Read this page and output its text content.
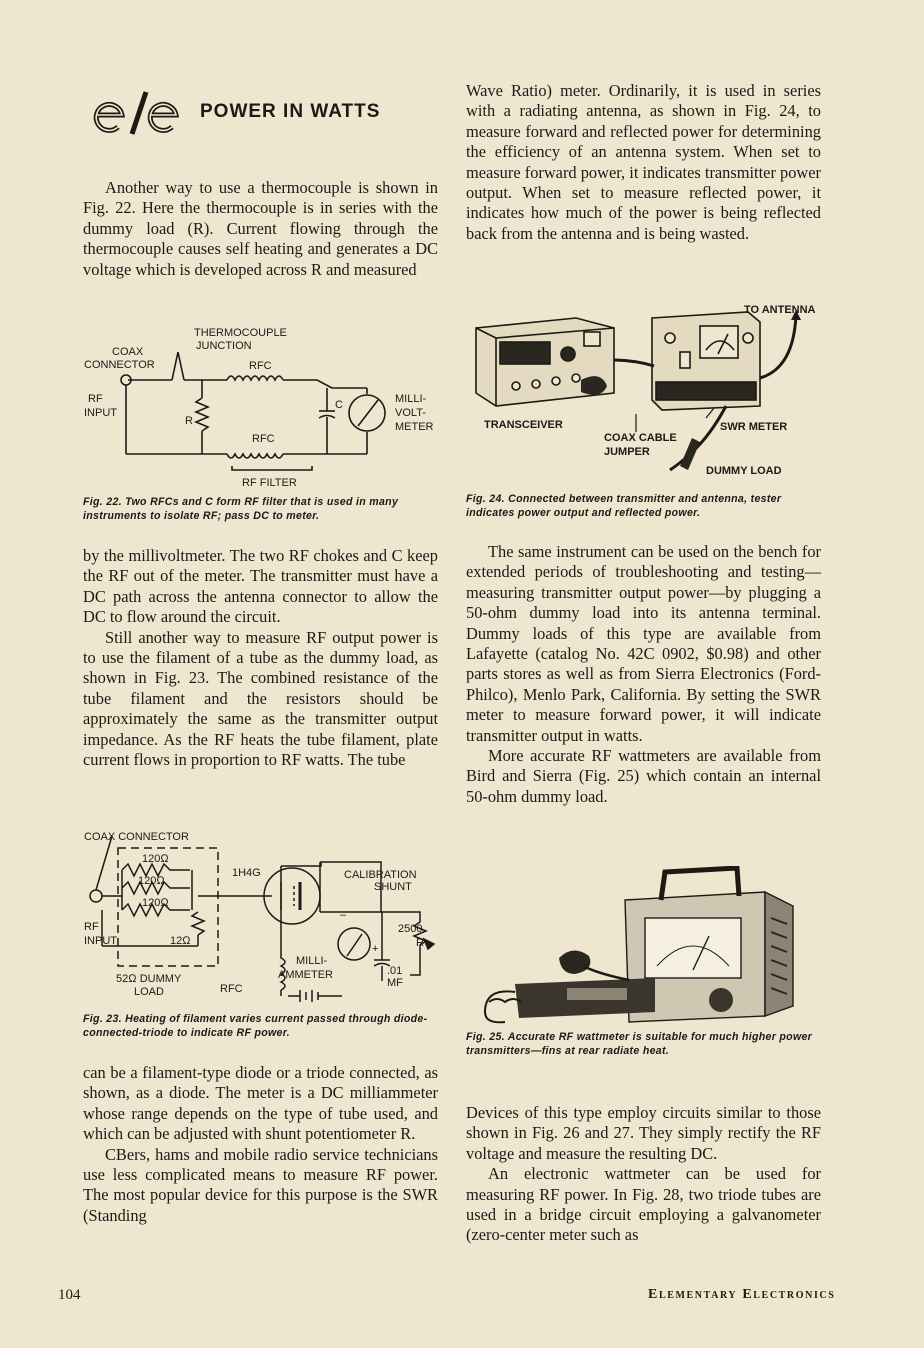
POWER IN WATTS

Another way to use a thermocouple is shown in Fig. 22. Here the thermocouple is in series with the dummy load (R). Current flowing through the thermocouple causes self heating and generates a DC voltage which is developed across R and measured

THERMOCOUPLE
JUNCTION
COAX
CONNECTOR	RFC
RF
INPUT
R
C	MILLI-
VOLT-
METER
RFC
RF FILTER

Fig. 22. Two RFCs and C form RF filter that is used in many instruments to isolate RF; pass DC to meter.

by the millivoltmeter. The two RF chokes and C keep the RF out of the meter. The transmitter must have a DC path across the antenna connector to allow the DC to flow around the circuit.

Still another way to measure RF output power is to use the filament of a tube as the dummy load, as shown in Fig. 23. The combined resistance of the tube filament and the resistors should be approximately the same as the transmitter output impedance. As the RF heats the tube filament, plate current flows in proportion to RF watts. The tube

COAX CONNECTOR
120Ω
120Ω
120Ω
1H4G	CALIBRATION
SHUNT
RF
INPUT	12Ω
2500
R
MILLI-
AMMETER
+
.01
MF
52Ω DUMMY
LOAD	RFC
–

Fig. 23. Heating of filament varies current passed through diode-connected-triode to indicate RF power.

can be a filament-type diode or a triode connected, as shown, as a diode. The meter is a DC milliammeter whose range depends on the type of tube used, and which can be adjusted with shunt potentiometer R.

CBers, hams and mobile radio service technicians use less complicated means to measure RF power. The most popular device for this purpose is the SWR (Standing

Wave Ratio) meter. Ordinarily, it is used in series with a radiating antenna, as shown in Fig. 24, to measure forward and reflected power for determining the efficiency of an antenna system. When set to measure forward power, it indicates transmitter power output. When set to measure reflected power, it indicates how much of the power is being reflected back from the antenna and is being wasted.

TO ANTENNA
TRANSCEIVER	SWR METER
COAX CABLE
JUMPER
DUMMY LOAD

Fig. 24. Connected between transmitter and antenna, tester indicates power output and reflected power.

The same instrument can be used on the bench for extended periods of troubleshooting and testing—measuring transmitter output power—by plugging a 50-ohm dummy load into its antenna terminal. Dummy loads of this type are available from Lafayette (catalog No. 42C 0902, $0.98) and other parts stores as well as from Sierra Electronics (Ford-Philco), Menlo Park, California. By setting the SWR meter to measure forward power, it will indicate transmitter output in watts.

More accurate RF wattmeters are available from Bird and Sierra (Fig. 25) which contain an internal 50-ohm dummy load.

Fig. 25. Accurate RF wattmeter is suitable for much higher power transmitters—fins at rear radiate heat.

Devices of this type employ circuits similar to those shown in Fig. 26 and 27. They simply rectify the RF voltage and measure the resulting DC.

An electronic wattmeter can be used for measuring RF power. In Fig. 28, two triode tubes are used in a bridge circuit employing a galvanometer (zero-center meter such as

104	Elementary Electronics
